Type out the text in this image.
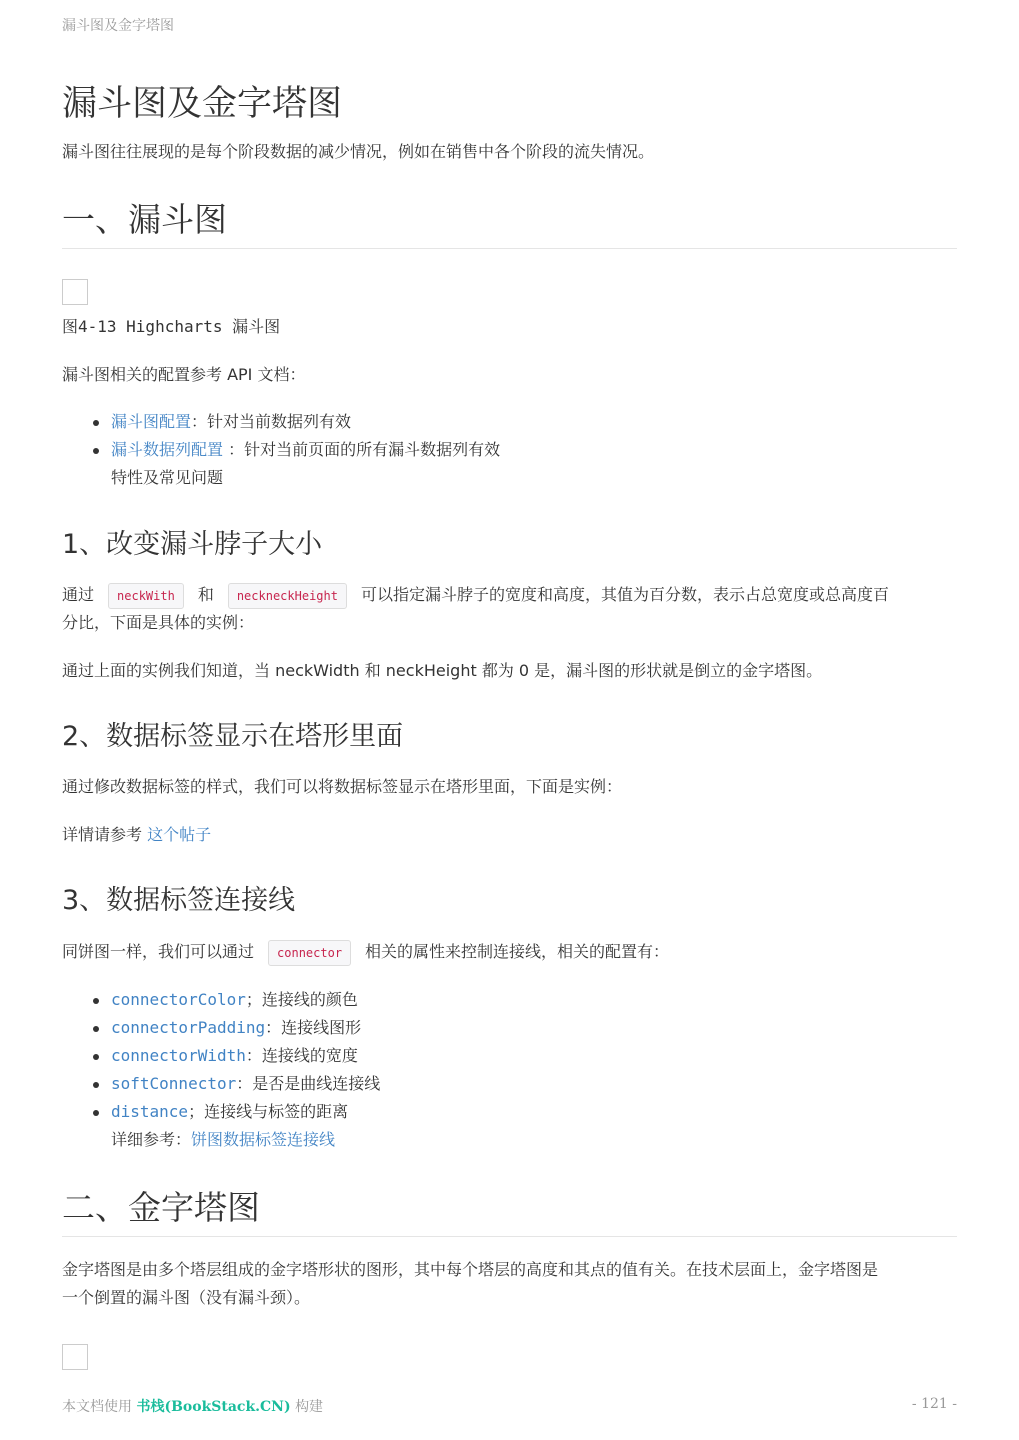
漏斗图及金字塔图
漏斗图及金字塔图
漏斗图往往展现的是每个阶段数据的减少情况，例如在销售中各个阶段的流失情况。
一、漏斗图
图4-13 Highcharts 漏斗图
漏斗图相关的配置参考 API 文档：
漏斗图配置：针对当前数据列有效
漏斗数据列配置 ：针对当前页面的所有漏斗数据列有效
特性及常见问题
1、改变漏斗脖子大小
通过 neckWith 和 neckneckHeight 可以指定漏斗脖子的宽度和高度，其值为百分数，表示占总宽度或总高度百
分比，下面是具体的实例：
通过上面的实例我们知道，当 neckWidth 和 neckHeight 都为 0 是，漏斗图的形状就是倒立的金字塔图。
2、数据标签显示在塔形里面
通过修改数据标签的样式，我们可以将数据标签显示在塔形里面，下面是实例：
详情请参考 这个帖子
3、数据标签连接线
同饼图一样，我们可以通过 connector 相关的属性来控制连接线，相关的配置有：
connectorColor；连接线的颜色
connectorPadding：连接线图形
connectorWidth：连接线的宽度
softConnector：是否是曲线连接线
distance；连接线与标签的距离
详细参考：饼图数据标签连接线
二、金字塔图
金字塔图是由多个塔层组成的金字塔形状的图形，其中每个塔层的高度和其点的值有关。在技术层面上，金字塔图是
一个倒置的漏斗图（没有漏斗颈）。
本文档使用 书栈(BookStack.CN) 构建	- 121 -
